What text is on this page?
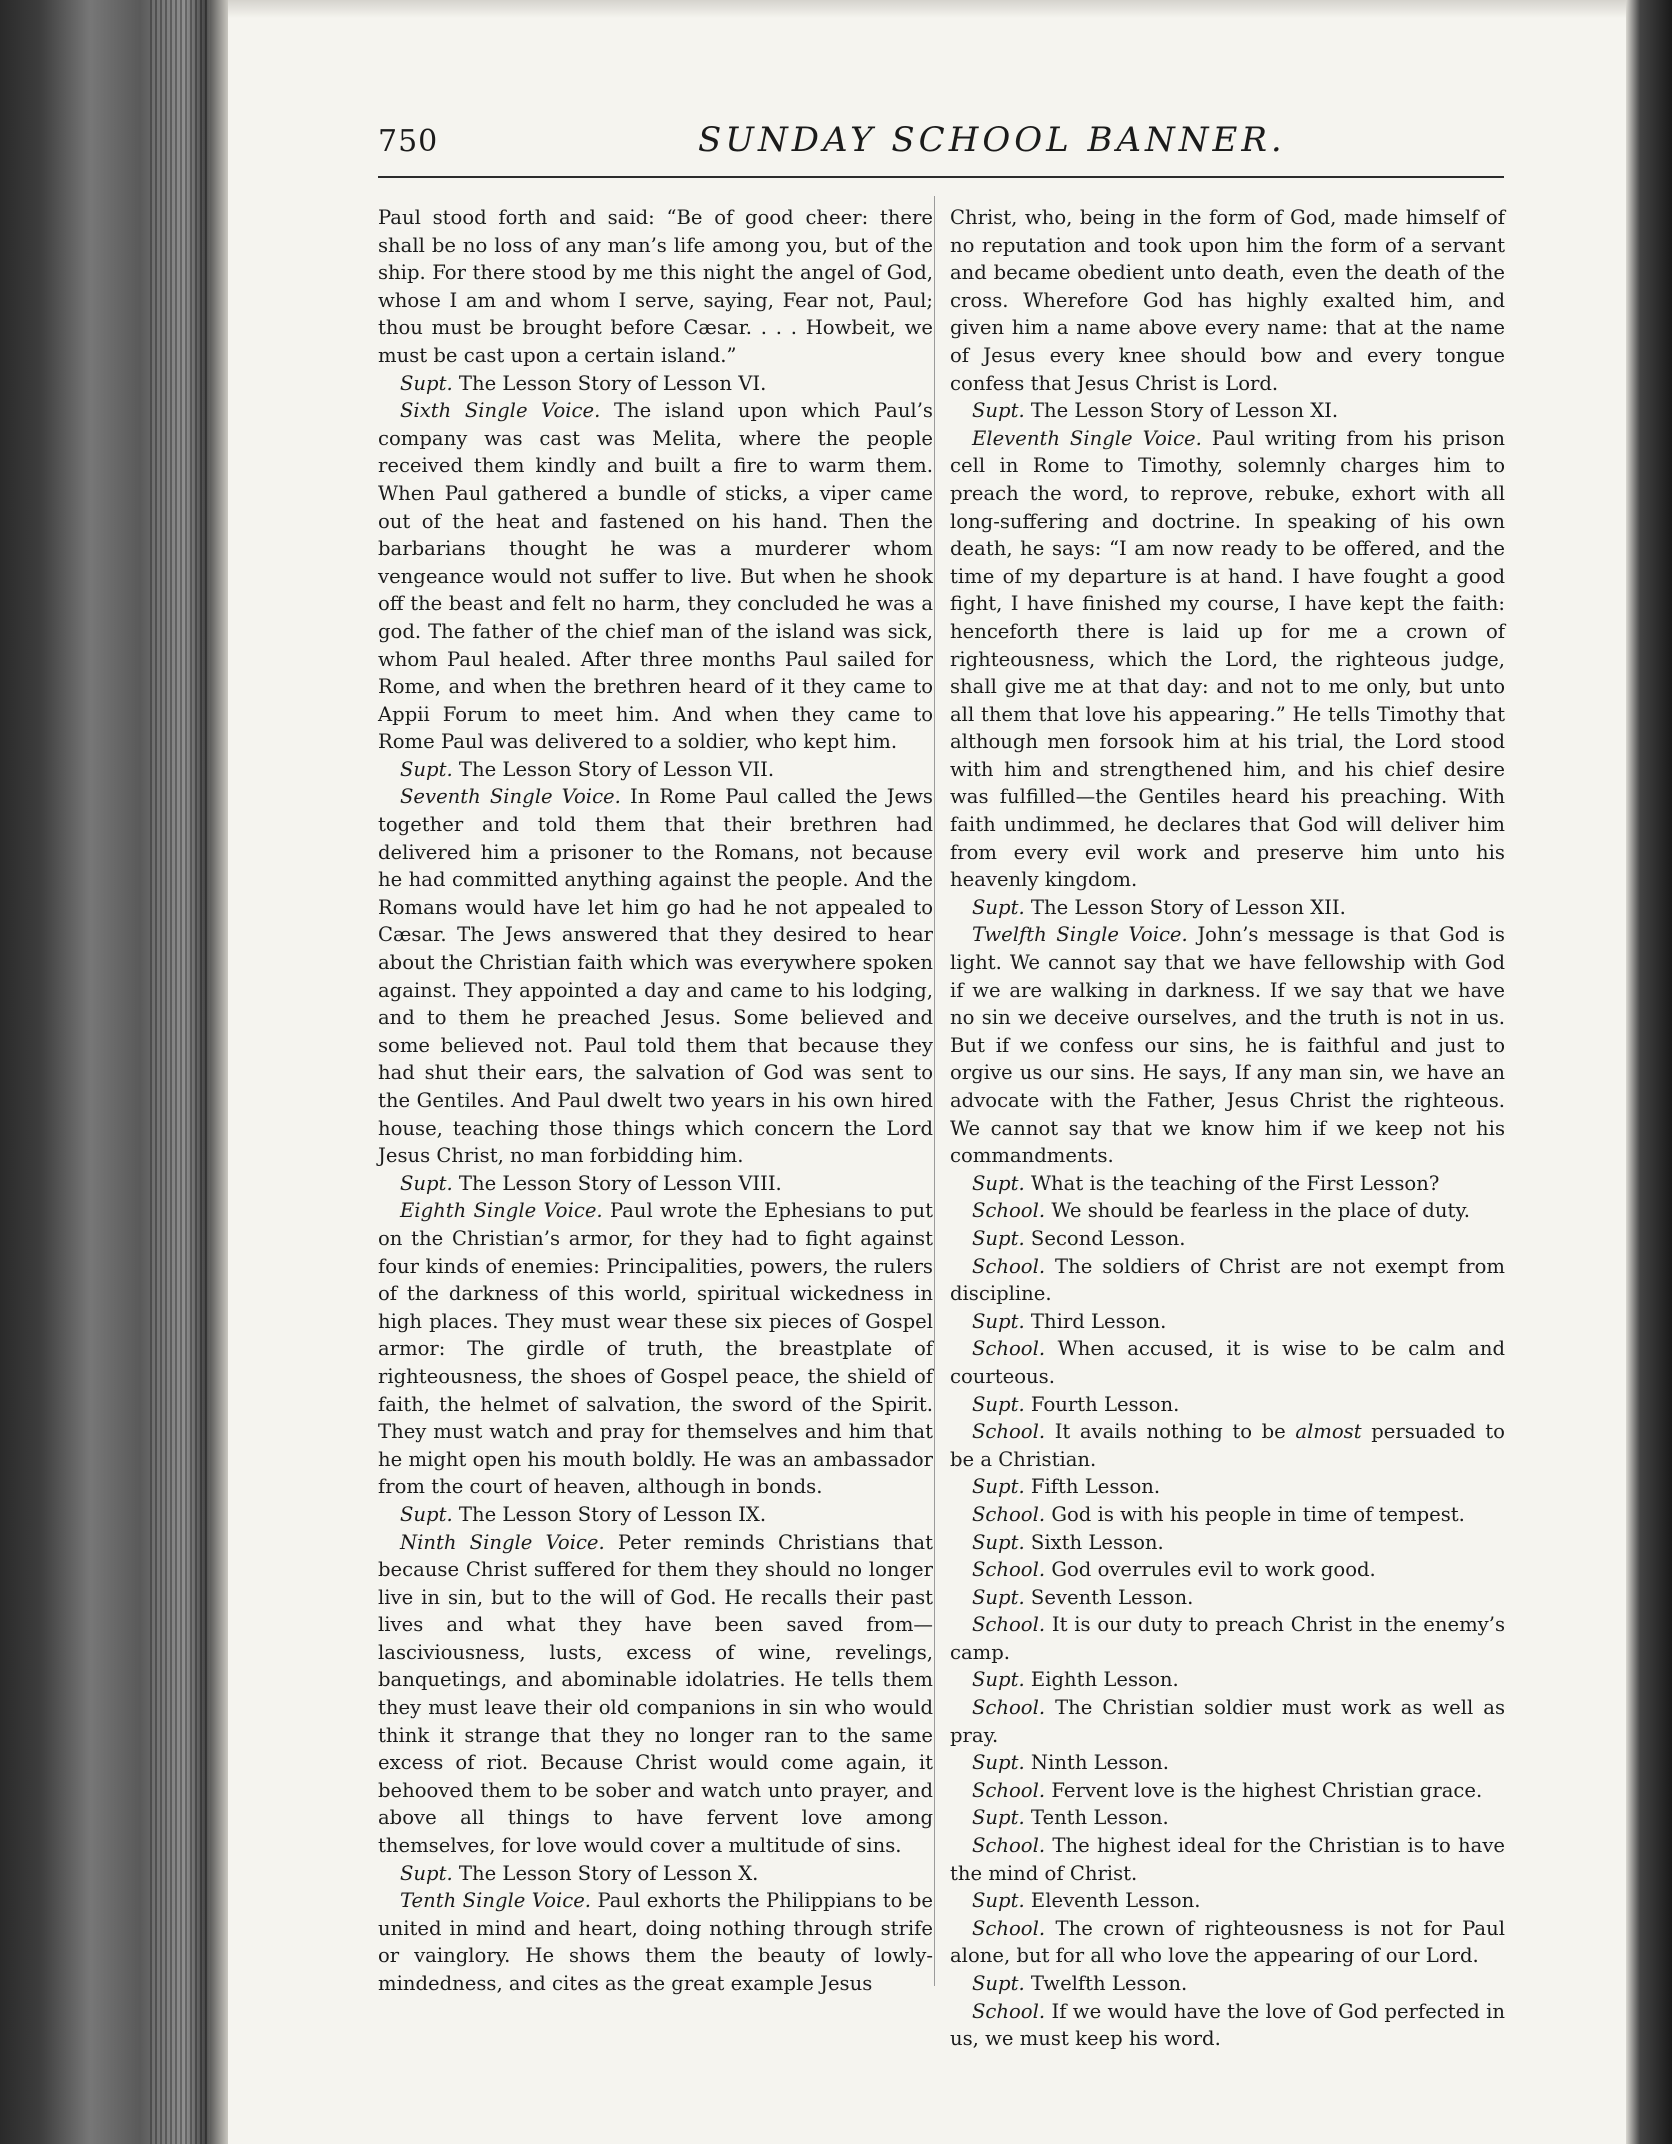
750	SUNDAY SCHOOL BANNER.

Paul stood forth and said: “Be of good cheer: there shall be no loss of any man’s life among you, but of the ship. For there stood by me this night the angel of God, whose I am and whom I serve, saying, Fear not, Paul; thou must be brought before Cæsar. . . . Howbeit, we must be cast upon a certain island.”

Supt. The Lesson Story of Lesson VI.

Sixth Single Voice. The island upon which Paul’s company was cast was Melita, where the people received them kindly and built a fire to warm them. When Paul gathered a bundle of sticks, a viper came out of the heat and fastened on his hand. Then the barbarians thought he was a murderer whom vengeance would not suffer to live. But when he shook off the beast and felt no harm, they concluded he was a god. The father of the chief man of the island was sick, whom Paul healed. After three months Paul sailed for Rome, and when the brethren heard of it they came to Appii Forum to meet him. And when they came to Rome Paul was delivered to a soldier, who kept him.

Supt. The Lesson Story of Lesson VII.

Seventh Single Voice. In Rome Paul called the Jews together and told them that their brethren had delivered him a prisoner to the Romans, not because he had committed anything against the people. And the Romans would have let him go had he not appealed to Cæsar. The Jews answered that they desired to hear about the Christian faith which was everywhere spoken against. They appointed a day and came to his lodging, and to them he preached Jesus. Some believed and some believed not. Paul told them that because they had shut their ears, the salvation of God was sent to the Gentiles. And Paul dwelt two years in his own hired house, teaching those things which concern the Lord Jesus Christ, no man forbidding him.

Supt. The Lesson Story of Lesson VIII.

Eighth Single Voice. Paul wrote the Ephesians to put on the Christian’s armor, for they had to fight against four kinds of enemies: Principalities, powers, the rulers of the darkness of this world, spiritual wickedness in high places. They must wear these six pieces of Gospel armor: The girdle of truth, the breastplate of righteousness, the shoes of Gospel peace, the shield of faith, the helmet of salvation, the sword of the Spirit. They must watch and pray for themselves and him that he might open his mouth boldly. He was an ambassador from the court of heaven, although in bonds.

Supt. The Lesson Story of Lesson IX.

Ninth Single Voice. Peter reminds Christians that because Christ suffered for them they should no longer live in sin, but to the will of God. He recalls their past lives and what they have been saved from—lasciviousness, lusts, excess of wine, revelings, banquetings, and abominable idolatries. He tells them they must leave their old companions in sin who would think it strange that they no longer ran to the same excess of riot. Because Christ would come again, it behooved them to be sober and watch unto prayer, and above all things to have fervent love among themselves, for love would cover a multitude of sins.

Supt. The Lesson Story of Lesson X.

Tenth Single Voice. Paul exhorts the Philippians to be united in mind and heart, doing nothing through strife or vainglory. He shows them the beauty of lowly-mindedness, and cites as the great example Jesus

Christ, who, being in the form of God, made himself of no reputation and took upon him the form of a servant and became obedient unto death, even the death of the cross. Wherefore God has highly exalted him, and given him a name above every name: that at the name of Jesus every knee should bow and every tongue confess that Jesus Christ is Lord.

Supt. The Lesson Story of Lesson XI.

Eleventh Single Voice. Paul writing from his prison cell in Rome to Timothy, solemnly charges him to preach the word, to reprove, rebuke, exhort with all long-suffering and doctrine. In speaking of his own death, he says: “I am now ready to be offered, and the time of my departure is at hand. I have fought a good fight, I have finished my course, I have kept the faith: henceforth there is laid up for me a crown of righteousness, which the Lord, the righteous judge, shall give me at that day: and not to me only, but unto all them that love his appearing.” He tells Timothy that although men forsook him at his trial, the Lord stood with him and strengthened him, and his chief desire was fulfilled—the Gentiles heard his preaching. With faith undimmed, he declares that God will deliver him from every evil work and preserve him unto his heavenly kingdom.

Supt. The Lesson Story of Lesson XII.

Twelfth Single Voice. John’s message is that God is light. We cannot say that we have fellowship with God if we are walking in darkness. If we say that we have no sin we deceive ourselves, and the truth is not in us. But if we confess our sins, he is faithful and just to orgive us our sins. He says, If any man sin, we have an advocate with the Father, Jesus Christ the righteous. We cannot say that we know him if we keep not his commandments.

Supt. What is the teaching of the First Lesson?

School. We should be fearless in the place of duty.

Supt. Second Lesson.

School. The soldiers of Christ are not exempt from discipline.

Supt. Third Lesson.

School. When accused, it is wise to be calm and courteous.

Supt. Fourth Lesson.

School. It avails nothing to be almost persuaded to be a Christian.

Supt. Fifth Lesson.

School. God is with his people in time of tempest.

Supt. Sixth Lesson.

School. God overrules evil to work good.

Supt. Seventh Lesson.

School. It is our duty to preach Christ in the enemy’s camp.

Supt. Eighth Lesson.

School. The Christian soldier must work as well as pray.

Supt. Ninth Lesson.

School. Fervent love is the highest Christian grace.

Supt. Tenth Lesson.

School. The highest ideal for the Christian is to have the mind of Christ.

Supt. Eleventh Lesson.

School. The crown of righteousness is not for Paul alone, but for all who love the appearing of our Lord.

Supt. Twelfth Lesson.

School. If we would have the love of God perfected in us, we must keep his word.
